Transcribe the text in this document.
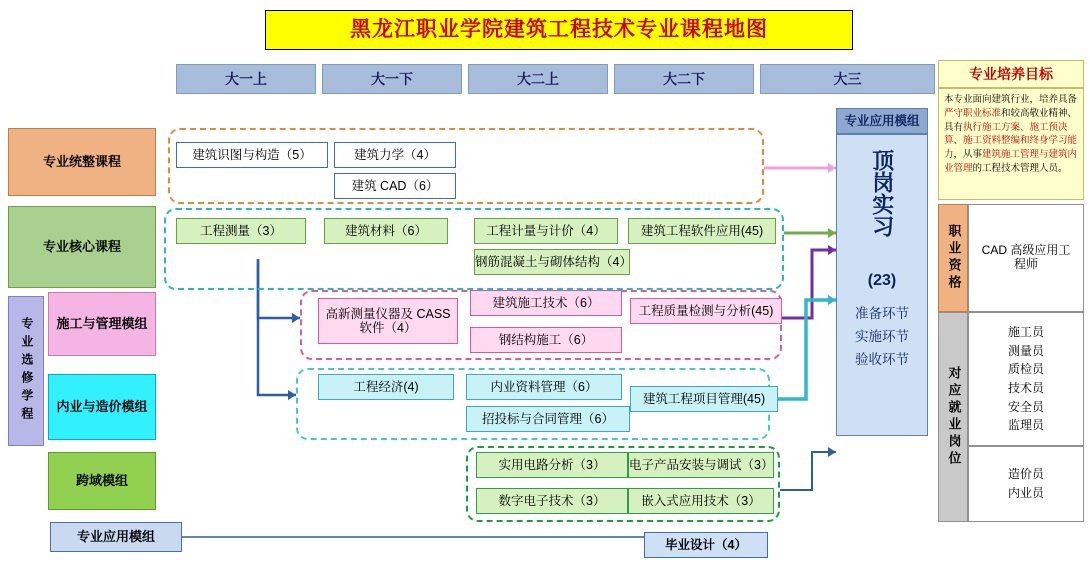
黑龙江职业学院建筑工程技术专业课程地图
大一上	大一下	大二上	大二下	大三
专业统整课程
专业核心课程
专业选修学程	施工与管理模组
内业与造价模组
跨域模组
专业应用模组
建筑识图与构造（5）	建筑力学（4）
建筑 CAD（6）
工程测量（3）	建筑材料（6）	工程计量与计价（4）	建筑工程软件应用(45)
钢筋混凝土与砌体结构（4）
高新测量仪器及 CASS 软件（4）
建筑施工技术（6）
钢结构施工（6）
工程质量检测与分析(45)
工程经济(4)	内业资料管理（6）
招投标与合同管理（6）
建筑工程项目管理(45)
实用电路分析（3）	电子产品安装与调试（3）
数字电子技术（3）	嵌入式应用技术（3）
毕业设计（4）
专业应用模组
顶岗实习
(23)
准备环节
实施环节
验收环节
专业培养目标
本专业面向建筑行业，培养具备严守职业标准和较高敬业精神、具有执行施工方案、施工预决算、施工资料整编和终身学习能力，从事建筑施工管理与建筑内业管理的工程技术管理人员。
职业资格	CAD 高级应用工程师
对应就业岗位
施工员
测量员
质检员
技术员
安全员
监理员
造价员
内业员
